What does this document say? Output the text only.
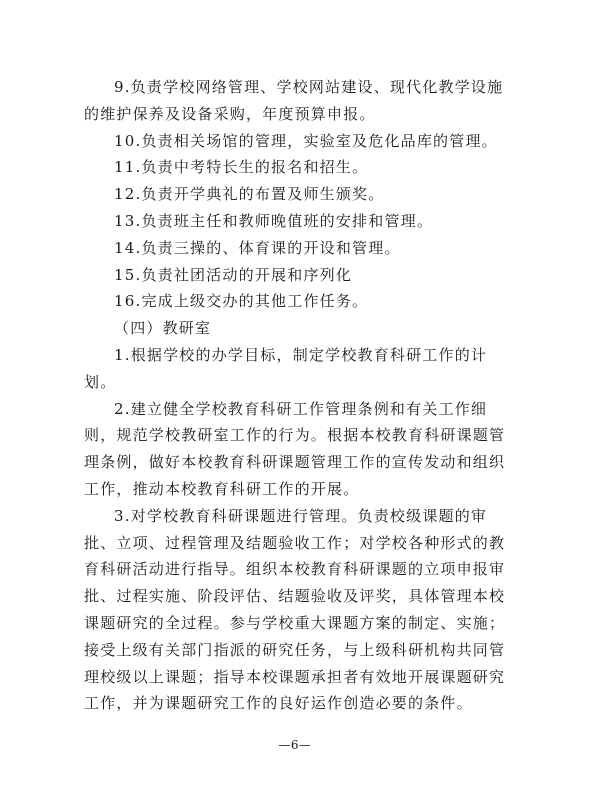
9.负责学校网络管理、学校网站建设、现代化教学设施的维护保养及设备采购，年度预算申报。

10.负责相关场馆的管理，实验室及危化品库的管理。

11.负责中考特长生的报名和招生。

12.负责开学典礼的布置及师生颁奖。

13.负责班主任和教师晚值班的安排和管理。

14.负责三操的、体育课的开设和管理。

15.负责社团活动的开展和序列化

16.完成上级交办的其他工作任务。

（四）教研室

1.根据学校的办学目标，制定学校教育科研工作的计划。

2.建立健全学校教育科研工作管理条例和有关工作细则，规范学校教研室工作的行为。根据本校教育科研课题管理条例，做好本校教育科研课题管理工作的宣传发动和组织工作，推动本校教育科研工作的开展。

3.对学校教育科研课题进行管理。负责校级课题的审批、立项、过程管理及结题验收工作；对学校各种形式的教育科研活动进行指导。组织本校教育科研课题的立项申报审批、过程实施、阶段评估、结题验收及评奖，具体管理本校课题研究的全过程。参与学校重大课题方案的制定、实施；接受上级有关部门指派的研究任务，与上级科研机构共同管理校级以上课题；指导本校课题承担者有效地开展课题研究工作，并为课题研究工作的良好运作创造必要的条件。

—6—
